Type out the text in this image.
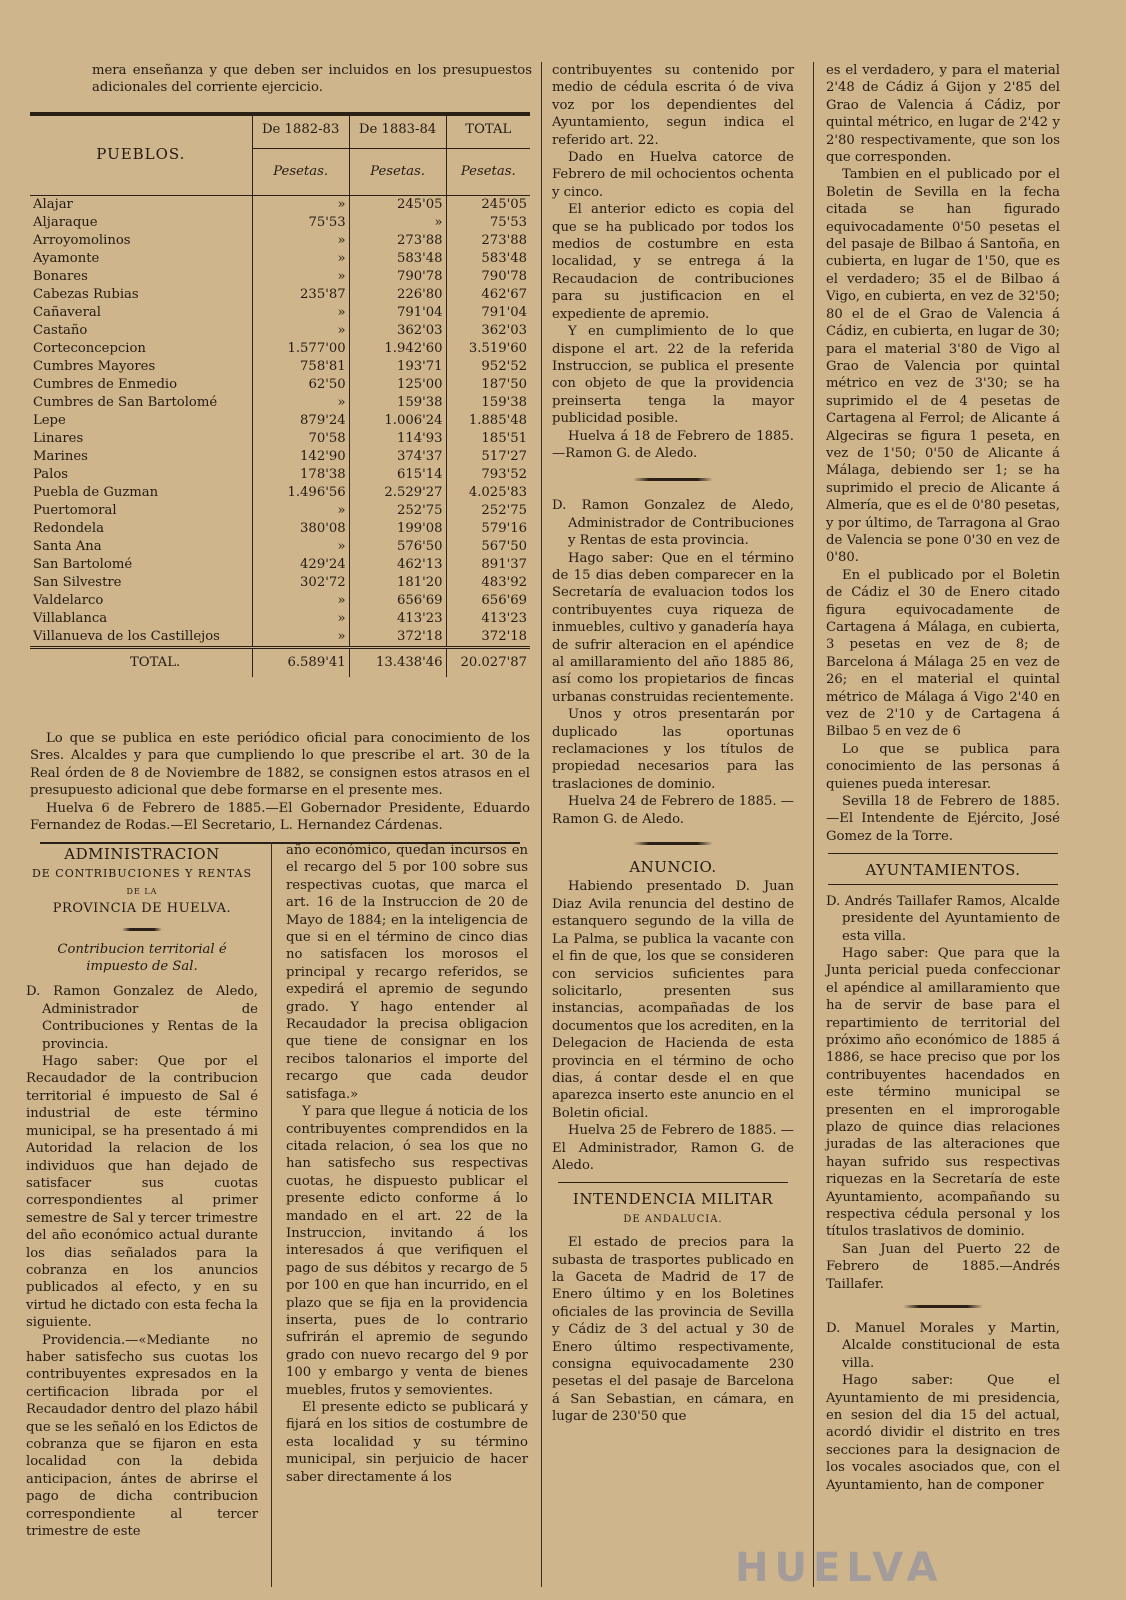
mera enseñanza y que deben ser incluidos en los presupuestos adicionales del corriente ejercicio.

PUEBLOS.	De 1882-83	De 1883-84	TOTAL
	Pesetas.	Pesetas.	Pesetas.
Alajar	»	245'05	245'05
Aljaraque	75'53	»	75'53
Arroyomolinos	»	273'88	273'88
Ayamonte	»	583'48	583'48
Bonares	»	790'78	790'78
Cabezas Rubias	235'87	226'80	462'67
Cañaveral	»	791'04	791'04
Castaño	»	362'03	362'03
Corteconcepcion	1.577'00	1.942'60	3.519'60
Cumbres Mayores	758'81	193'71	952'52
Cumbres de Enmedio	62'50	125'00	187'50
Cumbres de San Bartolomé	»	159'38	159'38
Lepe	879'24	1.006'24	1.885'48
Linares	70'58	114'93	185'51
Marines	142'90	374'37	517'27
Palos	178'38	615'14	793'52
Puebla de Guzman	1.496'56	2.529'27	4.025'83
Puertomoral	»	252'75	252'75
Redondela	380'08	199'08	579'16
Santa Ana	»	576'50	567'50
San Bartolomé	429'24	462'13	891'37
San Silvestre	302'72	181'20	483'92
Valdelarco	»	656'69	656'69
Villablanca	»	413'23	413'23
Villanueva de los Castillejos	»	372'18	372'18
TOTAL.	6.589'41	13.438'46	20.027'87

Lo que se publica en este periódico oficial para conocimiento de los Sres. Alcaldes y para que cumpliendo lo que prescribe el art. 30 de la Real órden de 8 de Noviembre de 1882, se consignen estos atrasos en el presupuesto adicional que debe formarse en el presente mes.

Huelva 6 de Febrero de 1885.—El Gobernador Presidente, Eduardo Fernandez de Rodas.—El Secretario, L. Hernandez Cárdenas.

ADMINISTRACION
DE CONTRIBUCIONES Y RENTAS
DE LA
PROVINCIA DE HUELVA.

Contribucion territorial é impuesto de Sal.

D. Ramon Gonzalez de Aledo, Administrador de Contribuciones y Rentas de la provincia.

Hago saber: Que por el Recaudador de la contribucion territorial é impuesto de Sal é industrial de este término municipal, se ha presentado á mi Autoridad la relacion de los individuos que han dejado de satisfacer sus cuotas correspondientes al primer semestre de Sal y tercer trimestre del año económico actual durante los dias señalados para la cobranza en los anuncios publicados al efecto, y en su virtud he dictado con esta fecha la siguiente.

Providencia.—«Mediante no haber satisfecho sus cuotas los contribuyentes expresados en la certificacion librada por el Recaudador dentro del plazo hábil que se les señaló en los Edictos de cobranza que se fijaron en esta localidad con la debida anticipacion, ántes de abrirse el pago de dicha contribucion correspondiente al tercer trimestre de este

año económico, quedan incursos en el recargo del 5 por 100 sobre sus respectivas cuotas, que marca el art. 16 de la Instruccion de 20 de Mayo de 1884; en la inteligencia de que si en el término de cinco dias no satisfacen los morosos el principal y recargo referidos, se expedirá el apremio de segundo grado. Y hago entender al Recaudador la precisa obligacion que tiene de consignar en los recibos talonarios el importe del recargo que cada deudor satisfaga.»

Y para que llegue á noticia de los contribuyentes comprendidos en la citada relacion, ó sea los que no han satisfecho sus respectivas cuotas, he dispuesto publicar el presente edicto conforme á lo mandado en el art. 22 de la Instruccion, invitando á los interesados á que verifiquen el pago de sus débitos y recargo de 5 por 100 en que han incurrido, en el plazo que se fija en la providencia inserta, pues de lo contrario sufrirán el apremio de segundo grado con nuevo recargo del 9 por 100 y embargo y venta de bienes muebles, frutos y semovientes.

El presente edicto se publicará y fijará en los sitios de costumbre de esta localidad y su término municipal, sin perjuicio de hacer saber directamente á los

contribuyentes su contenido por medio de cédula escrita ó de viva voz por los dependientes del Ayuntamiento, segun indica el referido art. 22.

Dado en Huelva catorce de Febrero de mil ochocientos ochenta y cinco.

El anterior edicto es copia del que se ha publicado por todos los medios de costumbre en esta localidad, y se entrega á la Recaudacion de contribuciones para su justificacion en el expediente de apremio.

Y en cumplimiento de lo que dispone el art. 22 de la referida Instruccion, se publica el presente con objeto de que la providencia preinserta tenga la mayor publicidad posible.

Huelva á 18 de Febrero de 1885.—Ramon G. de Aledo.

D. Ramon Gonzalez de Aledo, Administrador de Contribuciones y Rentas de esta provincia.

Hago saber: Que en el término de 15 dias deben comparecer en la Secretaría de evaluacion todos los contribuyentes cuya riqueza de inmuebles, cultivo y ganadería haya de sufrir alteracion en el apéndice al amillaramiento del año 1885 86, así como los propietarios de fincas urbanas construidas recientemente.

Unos y otros presentarán por duplicado las oportunas reclamaciones y los títulos de propiedad necesarios para las traslaciones de dominio.

Huelva 24 de Febrero de 1885. —Ramon G. de Aledo.

ANUNCIO.

Habiendo presentado D. Juan Diaz Avila renuncia del destino de estanquero segundo de la villa de La Palma, se publica la vacante con el fin de que, los que se consideren con servicios suficientes para solicitarlo, presenten sus instancias, acompañadas de los documentos que los acrediten, en la Delegacion de Hacienda de esta provincia en el término de ocho dias, á contar desde el en que aparezca inserto este anuncio en el Boletin oficial.

Huelva 25 de Febrero de 1885. —El Administrador, Ramon G. de Aledo.

INTENDENCIA MILITAR
DE ANDALUCIA.

El estado de precios para la subasta de trasportes publicado en la Gaceta de Madrid de 17 de Enero último y en los Boletines oficiales de las provincia de Sevilla y Cádiz de 3 del actual y 30 de Enero último respectivamente, consigna equivocadamente 230 pesetas el del pasaje de Barcelona á San Sebastian, en cámara, en lugar de 230'50 que

es el verdadero, y para el material 2'48 de Cádiz á Gijon y 2'85 del Grao de Valencia á Cádiz, por quintal métrico, en lugar de 2'42 y 2'80 respectivamente, que son los que corresponden.

Tambien en el publicado por el Boletin de Sevilla en la fecha citada se han figurado equivocadamente 0'50 pesetas el del pasaje de Bilbao á Santoña, en cubierta, en lugar de 1'50, que es el verdadero; 35 el de Bilbao á Vigo, en cubierta, en vez de 32'50; 80 el de el Grao de Valencia á Cádiz, en cubierta, en lugar de 30; para el material 3'80 de Vigo al Grao de Valencia por quintal métrico en vez de 3'30; se ha suprimido el de 4 pesetas de Cartagena al Ferrol; de Alicante á Algeciras se figura 1 peseta, en vez de 1'50; 0'50 de Alicante á Málaga, debiendo ser 1; se ha suprimido el precio de Alicante á Almería, que es el de 0'80 pesetas, y por último, de Tarragona al Grao de Valencia se pone 0'30 en vez de 0'80.

En el publicado por el Boletin de Cádiz el 30 de Enero citado figura equivocadamente de Cartagena á Málaga, en cubierta, 3 pesetas en vez de 8; de Barcelona á Málaga 25 en vez de 26; en el material el quintal métrico de Málaga á Vigo 2'40 en vez de 2'10 y de Cartagena á Bilbao 5 en vez de 6

Lo que se publica para conocimiento de las personas á quienes pueda interesar.

Sevilla 18 de Febrero de 1885. —El Intendente de Ejército, José Gomez de la Torre.

AYUNTAMIENTOS.

D. Andrés Taillafer Ramos, Alcalde presidente del Ayuntamiento de esta villa.

Hago saber: Que para que la Junta pericial pueda confeccionar el apéndice al amillaramiento que ha de servir de base para el repartimiento de territorial del próximo año económico de 1885 á 1886, se hace preciso que por los contribuyentes hacendados en este término municipal se presenten en el improrogable plazo de quince dias relaciones juradas de las alteraciones que hayan sufrido sus respectivas riquezas en la Secretaría de este Ayuntamiento, acompañando su respectiva cédula personal y los títulos traslativos de dominio.

San Juan del Puerto 22 de Febrero de 1885.—Andrés Taillafer.

D. Manuel Morales y Martin, Alcalde constitucional de esta villa.

Hago saber: Que el Ayuntamiento de mi presidencia, en sesion del dia 15 del actual, acordó dividir el distrito en tres secciones para la designacion de los vocales asociados que, con el Ayuntamiento, han de componer

HUELVA
